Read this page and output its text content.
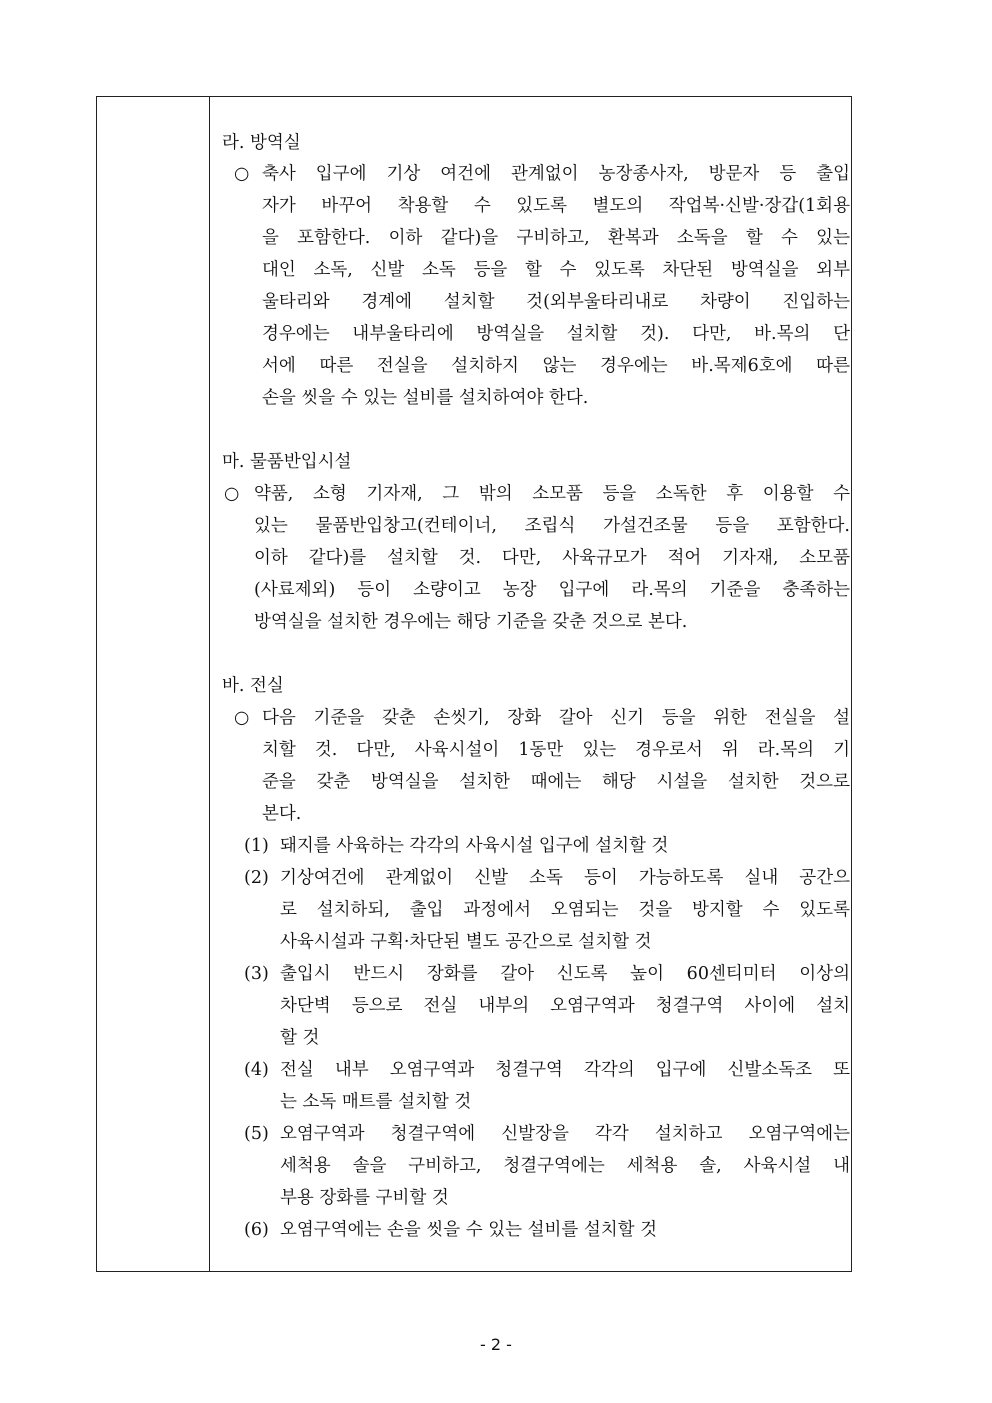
라. 방역실
○ 축사 입구에 기상 여건에 관계없이 농장종사자, 방문자 등 출입
자가 바꾸어 착용할 수 있도록 별도의 작업복·신발·장갑(1회용
을 포함한다. 이하 같다)을 구비하고, 환복과 소독을 할 수 있는
대인 소독, 신발 소독 등을 할 수 있도록 차단된 방역실을 외부
울타리와 경계에 설치할 것(외부울타리내로 차량이 진입하는
경우에는 내부울타리에 방역실을 설치할 것). 다만, 바.목의 단
서에 따른 전실을 설치하지 않는 경우에는 바.목제6호에 따른
손을 씻을 수 있는 설비를 설치하여야 한다.
마. 물품반입시설
○ 약품, 소형 기자재, 그 밖의 소모품 등을 소독한 후 이용할 수
있는 물품반입창고(컨테이너, 조립식 가설건조물 등을 포함한다.
이하 같다)를 설치할 것. 다만, 사육규모가 적어 기자재, 소모품
(사료제외) 등이 소량이고 농장 입구에 라.목의 기준을 충족하는
방역실을 설치한 경우에는 해당 기준을 갖춘 것으로 본다.
바. 전실
○ 다음 기준을 갖춘 손씻기, 장화 갈아 신기 등을 위한 전실을 설
치할 것. 다만, 사육시설이 1동만 있는 경우로서 위 라.목의 기
준을 갖춘 방역실을 설치한 때에는 해당 시설을 설치한 것으로
본다.
(1) 돼지를 사육하는 각각의 사육시설 입구에 설치할 것
(2) 기상여건에 관계없이 신발 소독 등이 가능하도록 실내 공간으
로 설치하되, 출입 과정에서 오염되는 것을 방지할 수 있도록
사육시설과 구획·차단된 별도 공간으로 설치할 것
(3) 출입시 반드시 장화를 갈아 신도록 높이 60센티미터 이상의
차단벽 등으로 전실 내부의 오염구역과 청결구역 사이에 설치
할 것
(4) 전실 내부 오염구역과 청결구역 각각의 입구에 신발소독조 또
는 소독 매트를 설치할 것
(5) 오염구역과 청결구역에 신발장을 각각 설치하고 오염구역에는
세척용 솔을 구비하고, 청결구역에는 세척용 솔, 사육시설 내
부용 장화를 구비할 것
(6) 오염구역에는 손을 씻을 수 있는 설비를 설치할 것
- 2 -
